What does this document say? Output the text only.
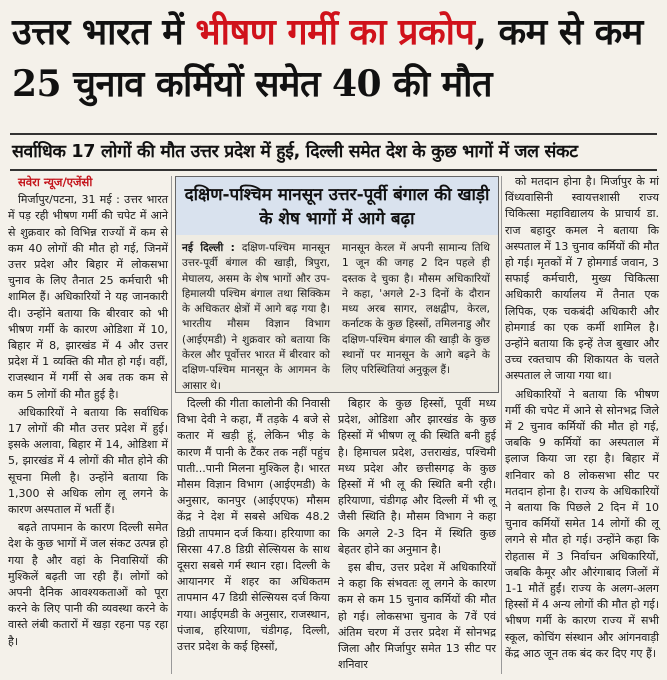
उत्तर भारत में भीषण गर्मी का प्रकोप, कम से कम 25 चुनाव कर्मियों समेत 40 की मौत
सर्वाधिक 17 लोगों की मौत उत्तर प्रदेश में हुई, दिल्ली समेत देश के कुछ भागों में जल संकट

सवेरा न्यूज/एजेंसी

मिर्जापुर/पटना, 31 मई : उत्तर भारत में पड़ रही भीषण गर्मी की चपेट में आने से शुक्रवार को विभिन्न राज्यों में कम से कम 40 लोगों की मौत हो गई, जिनमें उत्तर प्रदेश और बिहार में लोकसभा चुनाव के लिए तैनात 25 कर्मचारी भी शामिल हैं। अधिकारियों ने यह जानकारी दी। उन्होंने बताया कि बीरवार को भी भीषण गर्मी के कारण ओडिशा में 10, बिहार में 8, झारखंड में 4 और उत्तर प्रदेश में 1 व्यक्ति की मौत हो गई। वहीं, राजस्थान में गर्मी से अब तक कम से कम 5 लोगों की मौत हुई है।

अधिकारियों ने बताया कि सर्वाधिक 17 लोगों की मौत उत्तर प्रदेश में हुई। इसके अलावा, बिहार में 14, ओडिशा में 5, झारखंड में 4 लोगों की मौत होने की सूचना मिली है। उन्होंने बताया कि 1,300 से अधिक लोग लू लगने के कारण अस्पताल में भर्ती हैं।

बढ़ते तापमान के कारण दिल्ली समेत देश के कुछ भागों में जल संकट उत्पन्न हो गया है और वहां के निवासियों की मुश्किलें बढ़ती जा रही हैं। लोगों को अपनी दैनिक आवश्यकताओं को पूरा करने के लिए पानी की व्यवस्था करने के वास्ते लंबी कतारों में खड़ा रहना पड़ रहा है।

दक्षिण-पश्चिम मानसून उत्तर-पूर्वी बंगाल की खाड़ी के शेष भागों में आगे बढ़ा

नई दिल्ली : दक्षिण-पश्चिम मानसून उत्तर-पूर्वी बंगाल की खाड़ी, त्रिपुरा, मेघालय, असम के शेष भागों और उप-हिमालयी पश्चिम बंगाल तथा सिक्किम के अधिकतर क्षेत्रों में आगे बढ़ गया है। भारतीय मौसम विज्ञान विभाग (आईएमडी) ने शुक्रवार को बताया कि केरल और पूर्वोत्तर भारत में बीरवार को दक्षिण-पश्चिम मानसून के आगमन के आसार थे।
मानसून केरल में अपनी सामान्य तिथि 1 जून की जगह 2 दिन पहले ही दस्तक दे चुका है। मौसम अधिकारियों ने कहा, 'अगले 2-3 दिनों के दौरान मध्य अरब सागर, लक्षद्वीप, केरल, कर्नाटक के कुछ हिस्सों, तमिलनाडु और दक्षिण-पश्चिम बंगाल की खाड़ी के कुछ स्थानों पर मानसून के आगे बढ़ने के लिए परिस्थितियां अनुकूल हैं।

दिल्ली की गीता कालोनी की निवासी विभा देवी ने कहा, मैं तड़के 4 बजे से कतार में खड़ी हूं, लेकिन भीड़ के कारण मैं पानी के टैंकर तक नहीं पहुंच पाती...पानी मिलना मुश्किल है। भारत मौसम विज्ञान विभाग (आईएमडी) के अनुसार, कानपुर (आईएएफ) मौसम केंद्र ने देश में सबसे अधिक 48.2 डिग्री तापमान दर्ज किया। हरियाणा का सिरसा 47.8 डिग्री सेल्सियस के साथ दूसरा सबसे गर्म स्थान रहा। दिल्ली के आयानगर में शहर का अधिकतम तापमान 47 डिग्री सेल्सियस दर्ज किया गया। आईएमडी के अनुसार, राजस्थान, पंजाब, हरियाणा, चंडीगढ़, दिल्ली, उत्तर प्रदेश के कई हिस्सों,

बिहार के कुछ हिस्सों, पूर्वी मध्य प्रदेश, ओडिशा और झारखंड के कुछ हिस्सों में भीषण लू की स्थिति बनी हुई है। हिमाचल प्रदेश, उत्तराखंड, पश्चिमी मध्य प्रदेश और छत्तीसगढ़ के कुछ हिस्सों में भी लू की स्थिति बनी रही। हरियाणा, चंडीगढ़ और दिल्ली में भी लू जैसी स्थिति है। मौसम विभाग ने कहा कि अगले 2-3 दिन में स्थिति कुछ बेहतर होने का अनुमान है।

इस बीच, उत्तर प्रदेश में अधिकारियों ने कहा कि संभवतः लू लगने के कारण कम से कम 15 चुनाव कर्मियों की मौत हो गई। लोकसभा चुनाव के 7वें एवं अंतिम चरण में उत्तर प्रदेश में सोनभद्र जिला और मिर्जापुर समेत 13 सीट पर शनिवार

को मतदान होना है। मिर्जापुर के मां विंध्यवासिनी स्वायत्तशासी राज्य चिकित्सा महाविद्यालय के प्राचार्य डा. राज बहादुर कमल ने बताया कि अस्पताल में 13 चुनाव कर्मियों की मौत हो गई। मृतकों में 7 होमगार्ड जवान, 3 सफाई कर्मचारी, मुख्य चिकित्सा अधिकारी कार्यालय में तैनात एक लिपिक, एक चकबंदी अधिकारी और होमगार्ड का एक कर्मी शामिल है। उन्होंने बताया कि इन्हें तेज बुखार और उच्च रक्तचाप की शिकायत के चलते अस्पताल ले जाया गया था।

अधिकारियों ने बताया कि भीषण गर्मी की चपेट में आने से सोनभद्र जिले में 2 चुनाव कर्मियों की मौत हो गई, जबकि 9 कर्मियों का अस्पताल में इलाज किया जा रहा है। बिहार में शनिवार को 8 लोकसभा सीट पर मतदान होना है। राज्य के अधिकारियों ने बताया कि पिछले 2 दिन में 10 चुनाव कर्मियों समेत 14 लोगों की लू लगने से मौत हो गई। उन्होंने कहा कि रोहतास में 3 निर्वाचन अधिकारियों, जबकि कैमूर और औरंगाबाद जिलों में 1-1 मौतें हुईं। राज्य के अलग-अलग हिस्सों में 4 अन्य लोगों की मौत हो गई। भीषण गर्मी के कारण राज्य में सभी स्कूल, कोचिंग संस्थान और आंगनवाड़ी केंद्र आठ जून तक बंद कर दिए गए हैं।
